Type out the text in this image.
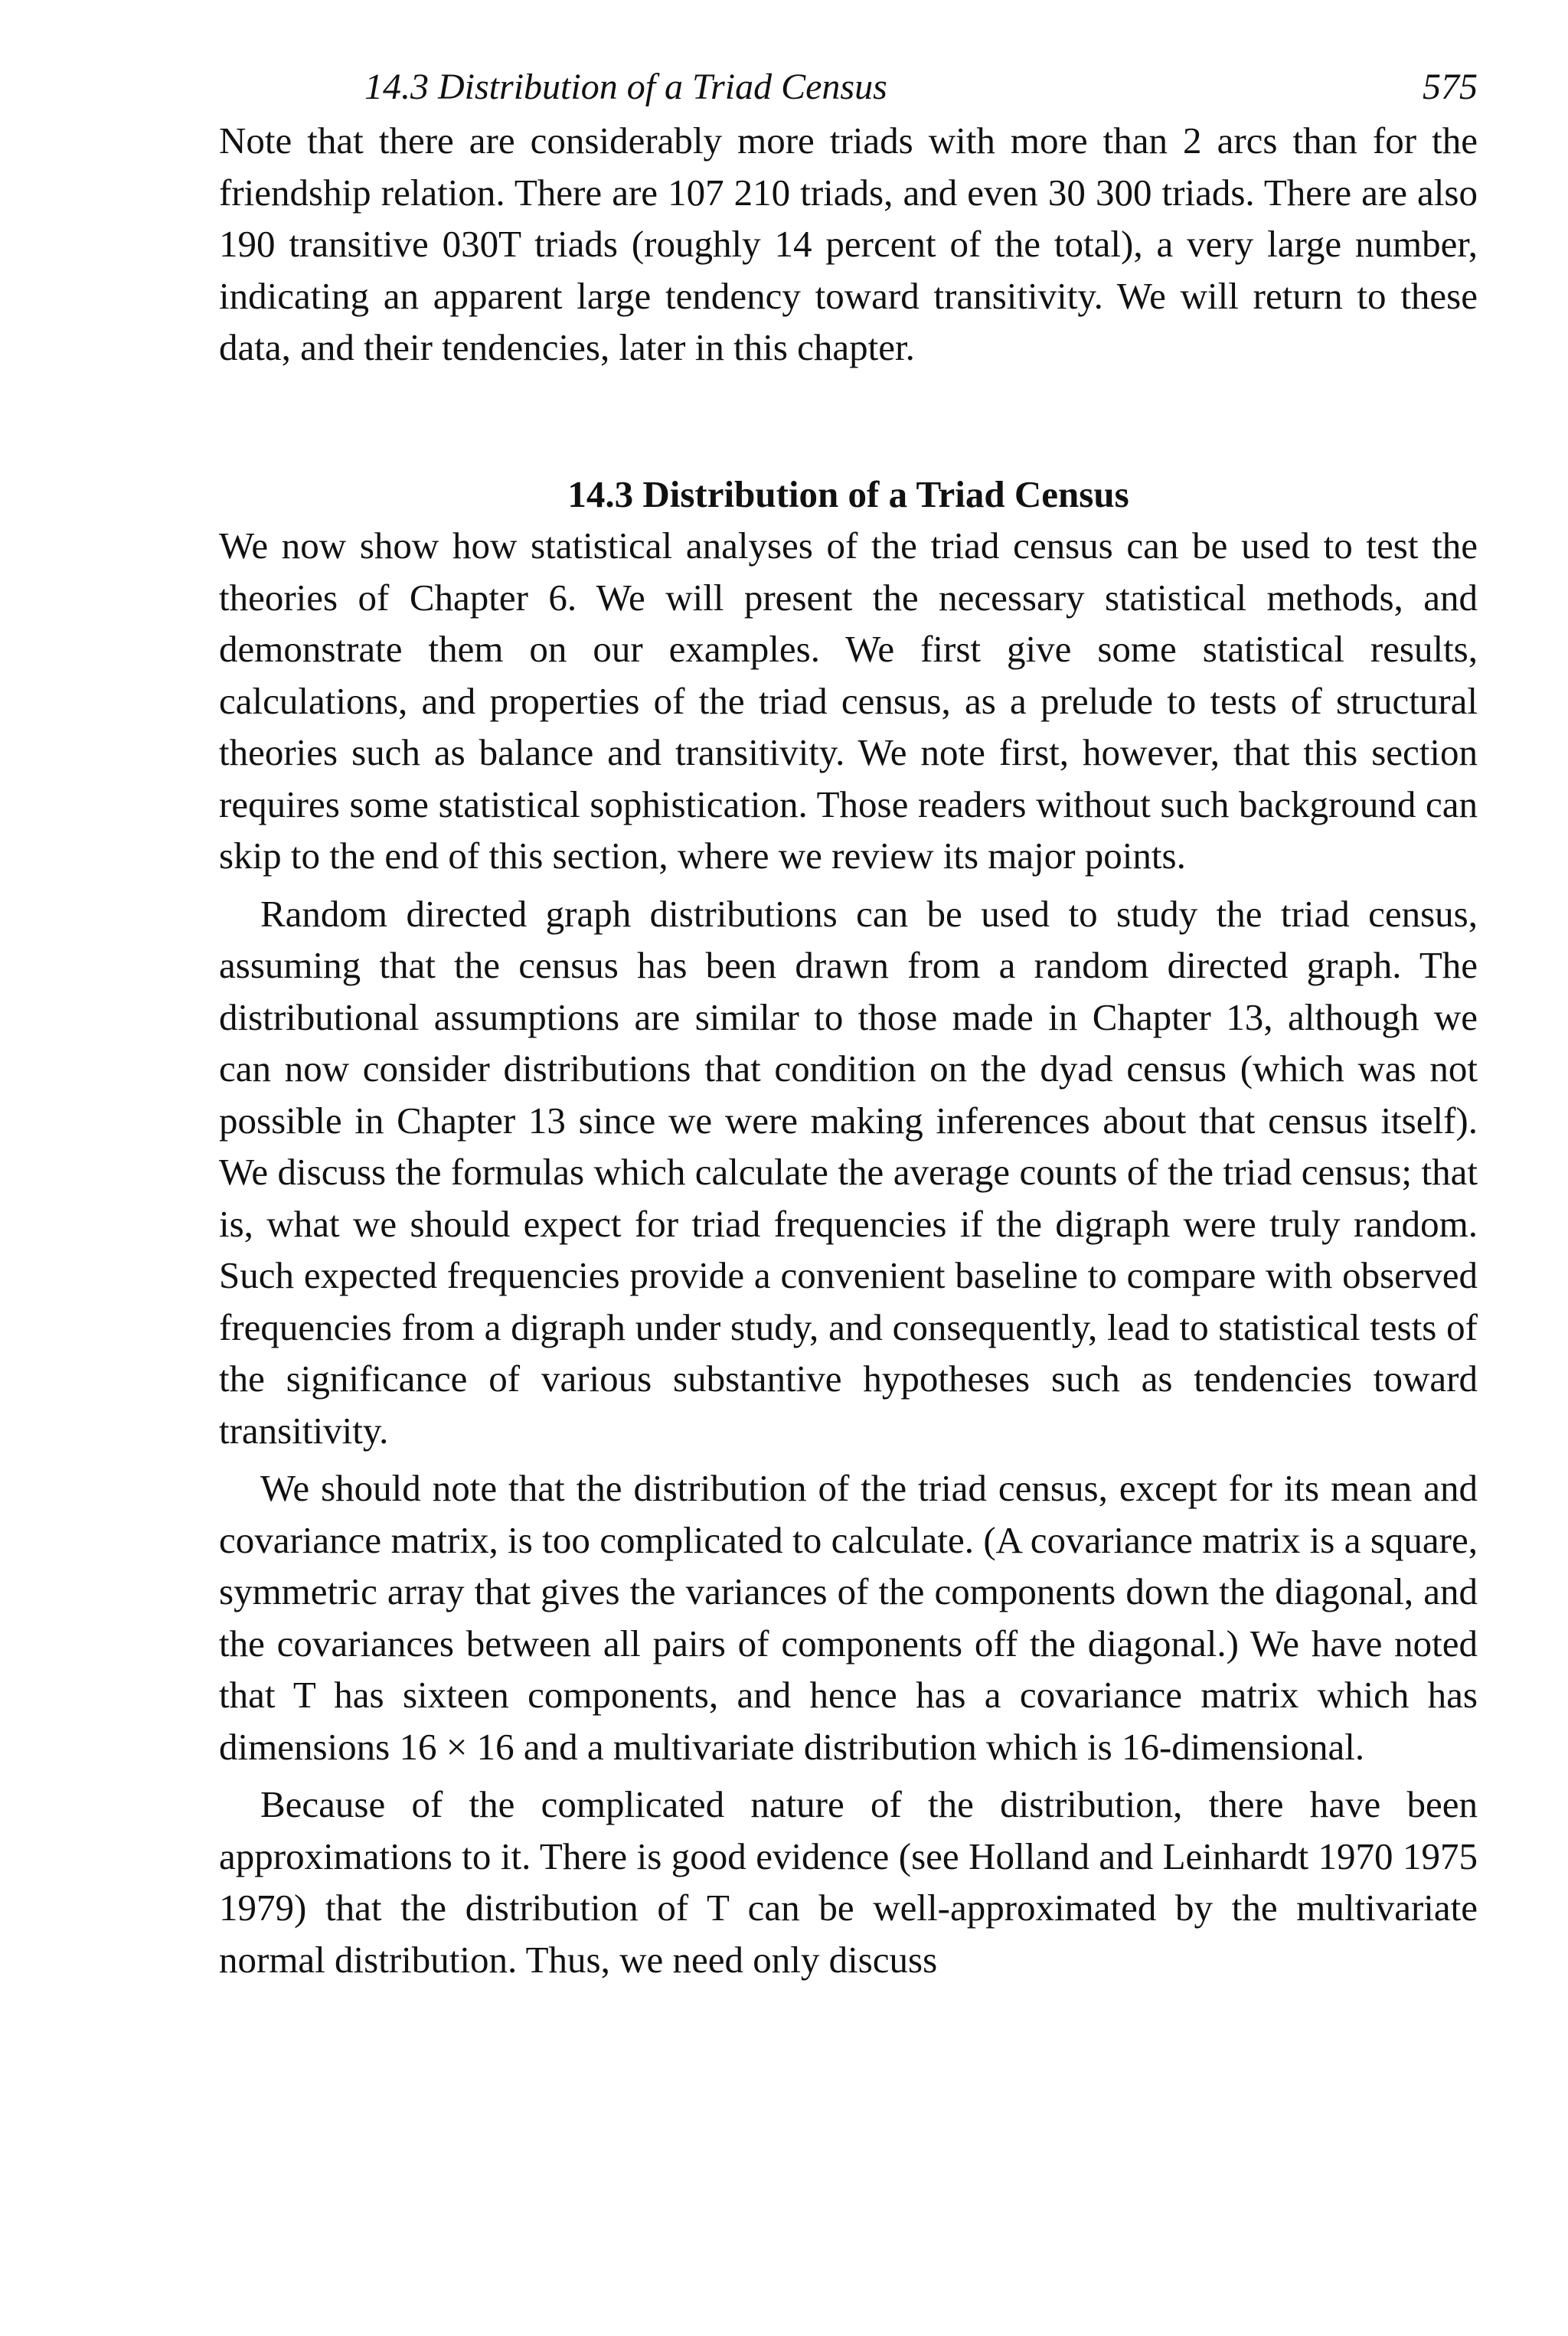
14.3 Distribution of a Triad Census	575

Note that there are considerably more triads with more than 2 arcs than for the friendship relation. There are 107 210 triads, and even 30 300 triads. There are also 190 transitive 030T triads (roughly 14 percent of the total), a very large number, indicating an apparent large tendency toward transitivity. We will return to these data, and their tendencies, later in this chapter.

14.3 Distribution of a Triad Census

We now show how statistical analyses of the triad census can be used to test the theories of Chapter 6. We will present the necessary statistical methods, and demonstrate them on our examples. We first give some statistical results, calculations, and properties of the triad census, as a prelude to tests of structural theories such as balance and transitivity. We note first, however, that this section requires some statistical sophistication. Those readers without such background can skip to the end of this section, where we review its major points.

Random directed graph distributions can be used to study the triad census, assuming that the census has been drawn from a random directed graph. The distributional assumptions are similar to those made in Chapter 13, although we can now consider distributions that condition on the dyad census (which was not possible in Chapter 13 since we were making inferences about that census itself). We discuss the formulas which calculate the average counts of the triad census; that is, what we should expect for triad frequencies if the digraph were truly random. Such expected frequencies provide a convenient baseline to compare with observed frequencies from a digraph under study, and consequently, lead to statistical tests of the significance of various substantive hypotheses such as tendencies toward transitivity.

We should note that the distribution of the triad census, except for its mean and covariance matrix, is too complicated to calculate. (A covariance matrix is a square, symmetric array that gives the variances of the components down the diagonal, and the covariances between all pairs of components off the diagonal.) We have noted that T has sixteen components, and hence has a covariance matrix which has dimensions 16 × 16 and a multivariate distribution which is 16-dimensional.

Because of the complicated nature of the distribution, there have been approximations to it. There is good evidence (see Holland and Leinhardt 1970 1975 1979) that the distribution of T can be well-approximated by the multivariate normal distribution. Thus, we need only discuss
